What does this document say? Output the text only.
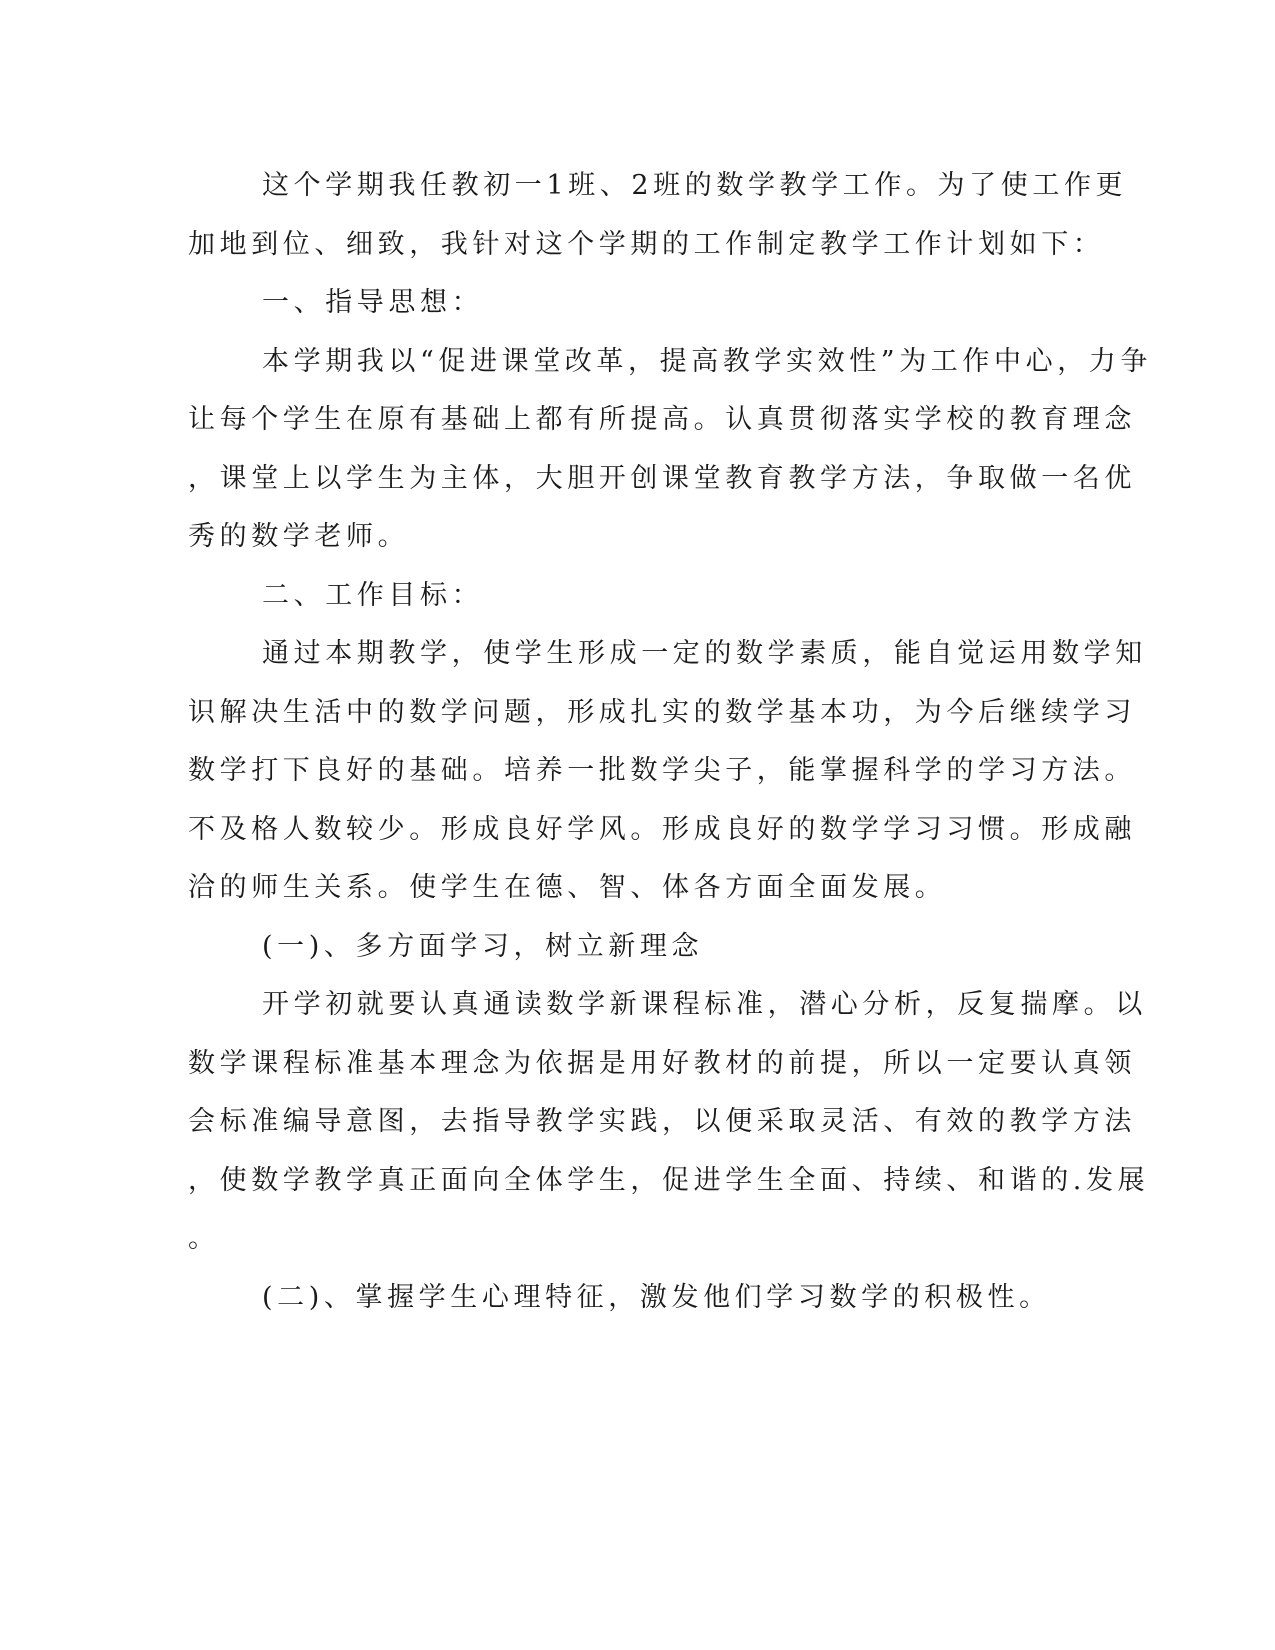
这个学期我任教初一1班、2班的数学教学工作。为了使工作更
加地到位、细致，我针对这个学期的工作制定教学工作计划如下：
一、指导思想：
本学期我以“促进课堂改革，提高教学实效性”为工作中心，力争
让每个学生在原有基础上都有所提高。认真贯彻落实学校的教育理念
，课堂上以学生为主体，大胆开创课堂教育教学方法，争取做一名优
秀的数学老师。
二、工作目标：
通过本期教学，使学生形成一定的数学素质，能自觉运用数学知
识解决生活中的数学问题，形成扎实的数学基本功，为今后继续学习
数学打下良好的基础。培养一批数学尖子，能掌握科学的学习方法。
不及格人数较少。形成良好学风。形成良好的数学学习习惯。形成融
洽的师生关系。使学生在德、智、体各方面全面发展。
(一)、多方面学习，树立新理念
开学初就要认真通读数学新课程标准，潜心分析，反复揣摩。以
数学课程标准基本理念为依据是用好教材的前提，所以一定要认真领
会标准编导意图，去指导教学实践，以便采取灵活、有效的教学方法
，使数学教学真正面向全体学生，促进学生全面、持续、和谐的.发展
。
(二)、掌握学生心理特征，激发他们学习数学的积极性。
